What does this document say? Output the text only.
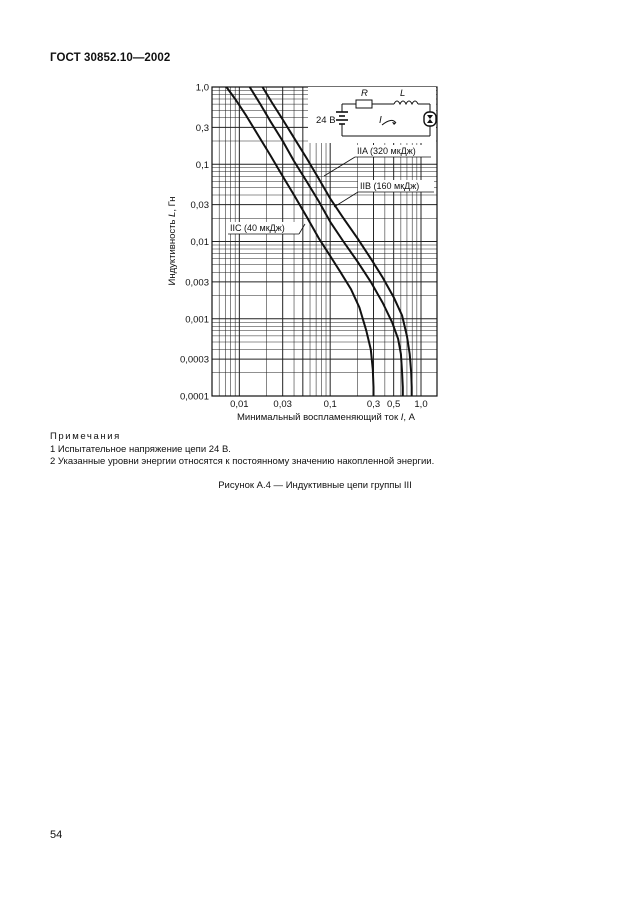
ГОСТ 30852.10—2002
1,0
0,3
0,1
0,03
0,01
0,003
0,001
0,0003
0,0001
0,01	0,03	0,1	0,3 0,5 1,0
24 В
R	L
I
IIA (320 мкДж)
IIB (160 мкДж)
IIC (40 мкДж)
Минимальный воспламеняющий ток I, А
Индуктивность L, Гн
Примечания
1 Испытательное напряжение цепи 24 В.
2 Указанные уровни энергии относятся к постоянному значению накопленной энергии.
Рисунок А.4 — Индуктивные цепи группы III
54
